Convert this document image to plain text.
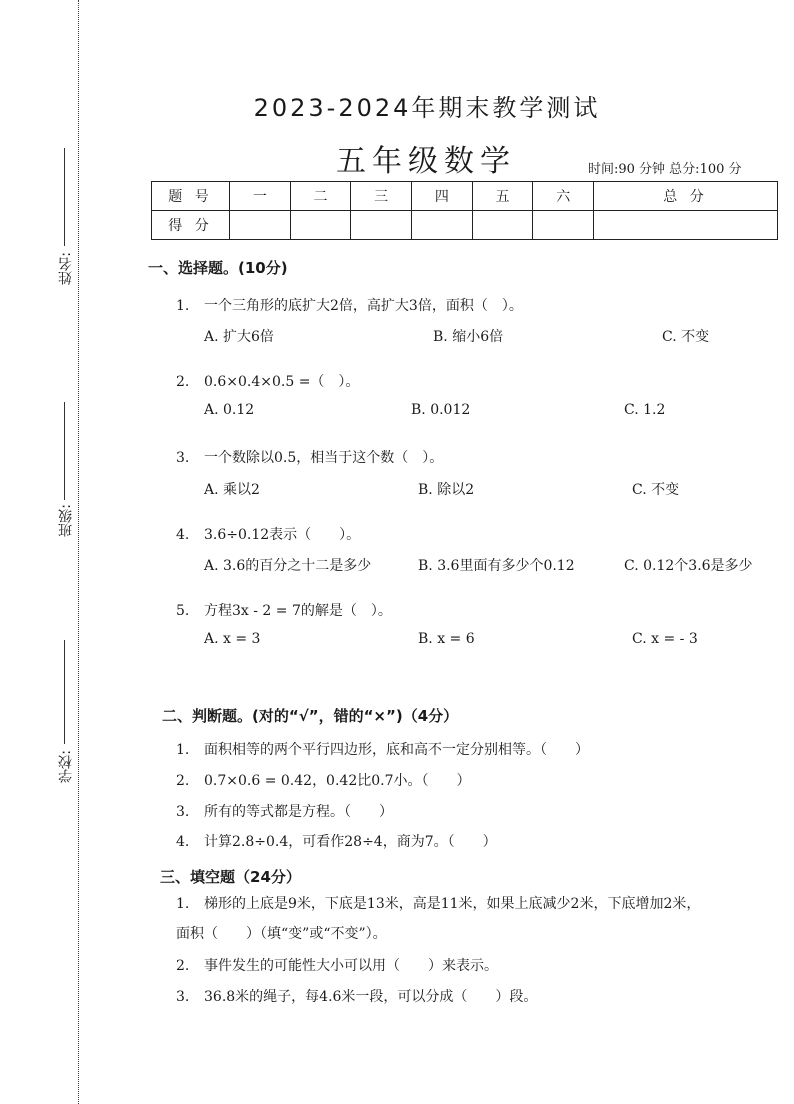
姓名:
班级:
学校:
2023-2024年期末教学测试
五年级数学	时间:90 分钟 总分:100 分
题 号	一	二	三	四	五	六	总 分
得 分							
一、选择题。(10分)
1. 一个三角形的底扩大2倍，高扩大3倍，面积（　）。
A. 扩大6倍	B. 缩小6倍	C. 不变
2. 0.6×0.4×0.5 =（　）。
A. 0.12	B. 0.012	C. 1.2
3. 一个数除以0.5，相当于这个数（　）。
A. 乘以2	B. 除以2	C. 不变
4. 3.6÷0.12表示（　　）。
A. 3.6的百分之十二是多少	B. 3.6里面有多少个0.12	C. 0.12个3.6是多少
5. 方程3x - 2 = 7的解是（　）。
A. x = 3	B. x = 6	C. x = - 3
二、判断题。(对的“√”，错的“×”)（4分）
1. 面积相等的两个平行四边形，底和高不一定分别相等。（　　）
2. 0.7×0.6 = 0.42，0.42比0.7小。（　　）
3. 所有的等式都是方程。（　　）
4. 计算2.8÷0.4，可看作28÷4，商为7。（　　）
三、填空题（24分）
1. 梯形的上底是9米，下底是13米，高是11米，如果上底减少2米，下底增加2米，
面积（　　）（填“变”或“不变”）。
2. 事件发生的可能性大小可以用（　　）来表示。
3. 36.8米的绳子，每4.6米一段，可以分成（　　）段。
